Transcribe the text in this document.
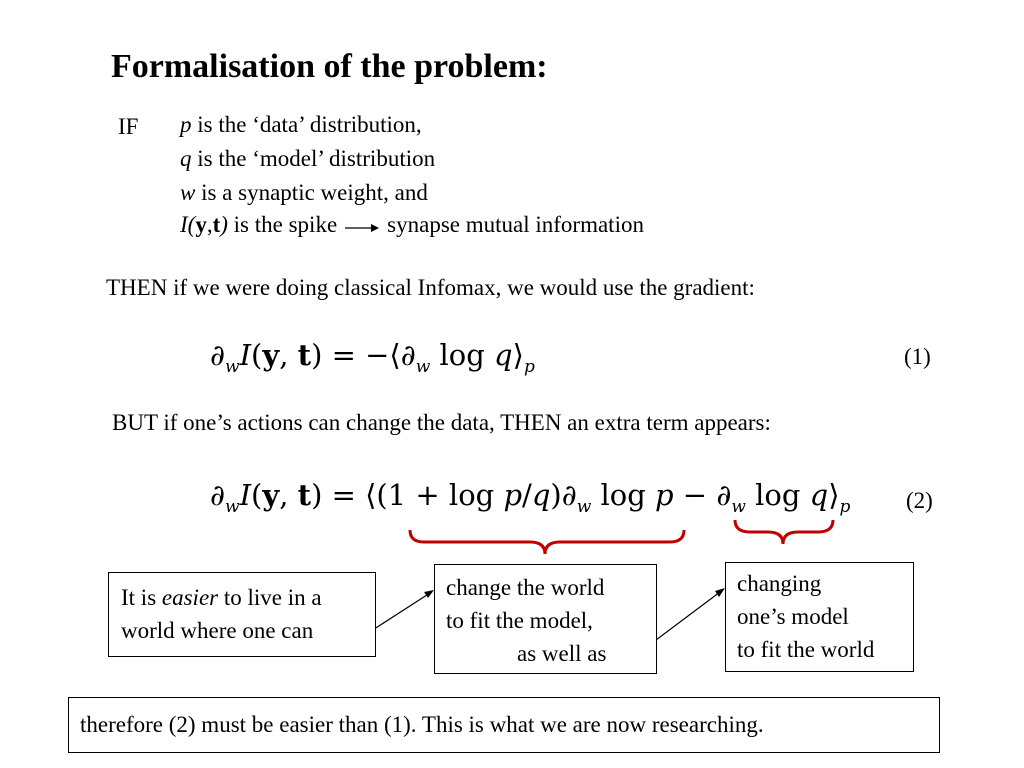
Formalisation of the problem:
IF p is the ‘data’ distribution,
q is the ‘model’ distribution
w is a synaptic weight, and
I(y,t) is the spike synapse mutual information
THEN if we were doing classical Infomax, we would use the gradient:
$\partial_wI(y$, $t) = -⟨\partial_w$ $\log q⟩_p$	(1)
BUT if one’s actions can change the data, THEN an extra term appears:
$\partial_wI(y$, t) = ⟨(1 + $\log p/q)\partial_w$ $\log p - \partial_w$ $\log q⟩_p$ (2)
It is easier to live in a
world where one can
change the world
to fit the model,
as well as
changing
one’s model
to fit the world
therefore (2) must be easier than (1). This is what we are now researching.
